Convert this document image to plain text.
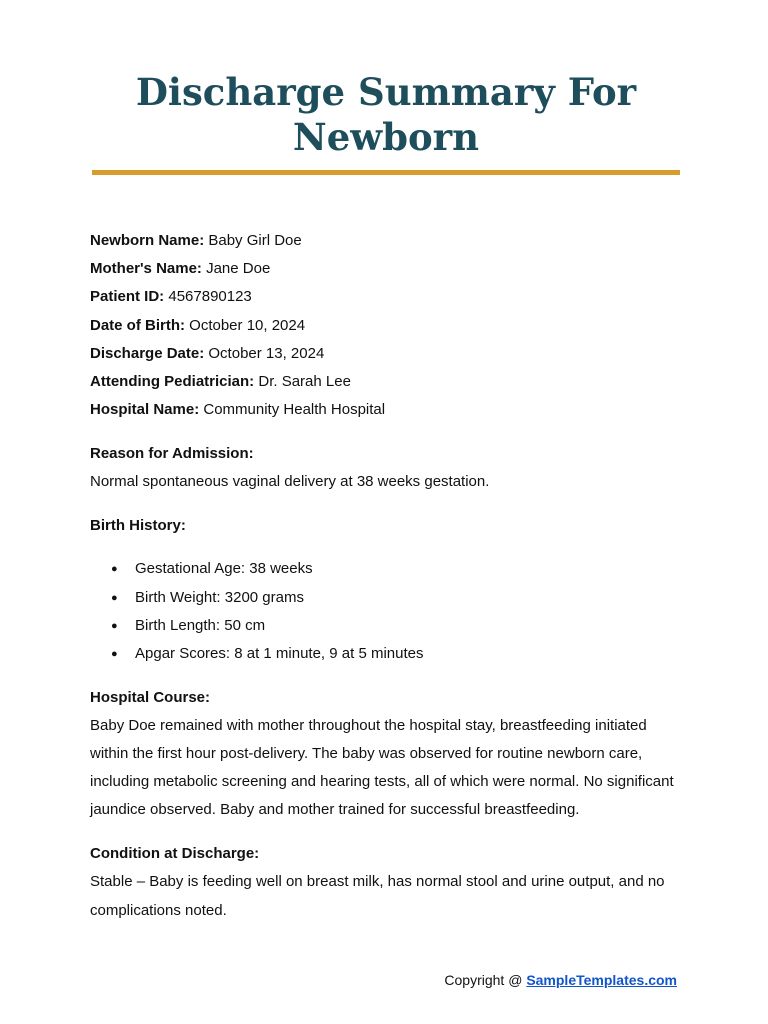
Discharge Summary For Newborn
Newborn Name: Baby Girl Doe
Mother's Name: Jane Doe
Patient ID: 4567890123
Date of Birth: October 10, 2024
Discharge Date: October 13, 2024
Attending Pediatrician: Dr. Sarah Lee
Hospital Name: Community Health Hospital
Reason for Admission:
Normal spontaneous vaginal delivery at 38 weeks gestation.
Birth History:
● Gestational Age: 38 weeks
● Birth Weight: 3200 grams
● Birth Length: 50 cm
● Apgar Scores: 8 at 1 minute, 9 at 5 minutes
Hospital Course:

Baby Doe remained with mother throughout the hospital stay, breastfeeding initiated within the first hour post-delivery. The baby was observed for routine newborn care, including metabolic screening and hearing tests, all of which were normal. No significant jaundice observed. Baby and mother trained for successful breastfeeding.

Condition at Discharge:

Stable – Baby is feeding well on breast milk, has normal stool and urine output, and no complications noted.

Copyright @ SampleTemplates.com
